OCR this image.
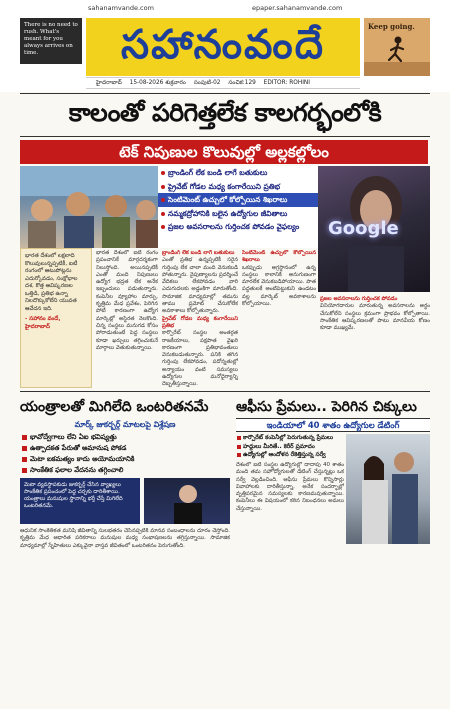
sahanamvande.com	epaper.sahanamvande.com
There is no need to rush. What's meant for you always arrives on time.	సహానంవందే
హైదరాబాద్ 15-08-2026 శుక్రవారం సంపుటి-02 సంచిక:129 EDITOR: ROHINI
Keep going.
కాలంతో పరిగెత్తలేక కాలగర్భంలోకి
టెక్ నిపుణుల కొలువుల్లో అల్లకల్లోలం
బ్రాండింగ్ లేక బండి లాగే బతుకులు
ప్రైవేట్ గోడల మధ్య కంగారేయిని ప్రతిభ
సెంటిమెంట్ ఉచ్చులో కోల్పోయిన శిఖరాలు
నమ్మకద్రోహానికి బలైన ఉద్యోగుల జీవితాలు
ప్రజల అవసరాలను గుర్తించక పోవడం వైఫల్యం	Google
భారత దేశంలో లక్షలాది కొలువులున్నప్పటికీ, ఐటీ రంగంలో ఆటుపోట్లను ఎదుర్కోవడం, సంక్షోభాల దశ, కొత్త ఆవిష్కరణల ఒత్తిడి, ప్రతిభ ఉన్నా నిలదొక్కుకోలేని యువత ఆవేదన ఇది.
- సహానం వందే, హైదరాబాద్
భారత దేశంలో ఐటీ రంగం ప్రపంచానికే మార్గదర్శకంగా నిలుస్తోంది. అయినప్పటికీ ఎంతో మంది నిపుణులు ఉద్యోగ భద్రత లేక అనేక ఇబ్బందులు పడుతున్నారు. కంపెనీల వ్యూహాల మార్పు, కృత్రిమ మేధ ప్రవేశం, పెరిగిన పోటీ కారణంగా ఉద్యోగ మార్కెట్లో అస్థిరత నెలకొంది. చిన్న సంస్థలు మనుగడ కోసం పోరాడుతుంటే పెద్ద సంస్థలు కూడా ఖర్చులు తగ్గించుకునే మార్గాలు వెతుకుతున్నాయి.
బ్రాండింగ్ లేక బండి లాగే బతుకులు
ఎంతో ప్రతిభ ఉన్నప్పటికీ సరైన గుర్తింపు లేక చాలా మంది వెనుకబడి పోతున్నారు. నైపుణ్యాలను ప్రదర్శించే వేదికలు లేకపోవడం వారి ఎదుగుదలకు అడ్డంకిగా మారుతోంది. సామాజిక మాధ్యమాల్లో తమను తాము ప్రమోట్ చేసుకోలేక అవకాశాలు కోల్పోతున్నారు.
ప్రైవేట్ గోడల మధ్య కంగారేయిని ప్రతిభ
కార్పొరేట్ సంస్థల అంతర్గత రాజకీయాలు, పక్షపాత వైఖరి కారణంగా ప్రతిభావంతులు వెనుకబడుతున్నారు. పనికి తగిన గుర్తింపు లేకపోవడం, పదోన్నతుల్లో అన్యాయం వంటి సమస్యలు ఉద్యోగుల మనోధైర్యాన్ని దెబ్బతీస్తున్నాయి.
సెంటిమెంట్ ఉచ్చులో కోల్పోయిన శిఖరాలు
ఒకప్పుడు అగ్రస్థానంలో ఉన్న సంస్థలు కాలానికి అనుగుణంగా మారలేక వెనుకబడిపోయాయి. పాత పద్ధతులకే అంటిపెట్టుకుని ఉండటం వల్ల మార్కెట్ అవకాశాలను కోల్పోయాయి.
ప్రజల అవసరాలను గుర్తించక పోవడం
వినియోగదారుల మారుతున్న అవసరాలను అర్థం చేసుకోలేని సంస్థలు క్రమంగా ప్రాభవం కోల్పోతాయి. సాంకేతిక ఆవిష్కరణలతో పాటు మానవీయ కోణం కూడా ముఖ్యమే.
యంత్రాలతో మిగిలేది ఒంటరితనమే
మార్క్ జుకర్బర్గ్ మాటలపై విశ్లేషణ
భావోద్వేగాలు లేని ఏఐ భవిష్యత్తు
ఉత్పాదకత పేరుతో అమానుష పోకడ
మెటా ఐకమత్యం కాదు అయోమయానికి
సాంకేతిక ఫలాల వేదనను తగ్గించాలి
మెటా వ్యవస్థాపకుడు జుకర్బర్గ్ చేసిన వ్యాఖ్యలు సాంకేతిక ప్రపంచంలో పెద్ద చర్చకు దారితీశాయి. యంత్రాలు మనుషుల స్థానాన్ని భర్తీ చేస్తే మిగిలేది ఒంటరితనమే.
ఆధునిక సాంకేతికత మనిషి జీవితాన్ని సులభతరం చేసినప్పటికీ మానవ సంబంధాలను దూరం చేస్తోంది. కృత్రిమ మేధ ఆధారిత పరికరాలు మనుషుల మధ్య సంభాషణలను తగ్గిస్తున్నాయి. సామాజిక మాధ్యమాల్లో స్నేహితులు ఎక్కువైనా వాస్తవ జీవితంలో ఒంటరితనం పెరుగుతోంది.
ఆఫీసు ప్రేమలు.. పెరిగిన చిక్కులు
ఇండియాలో 40 శాతం ఉద్యోగుల డేటింగ్
కార్పొరేట్ కంపెనీల్లో పెరుగుతున్న ప్రేమలు
హద్దులు మీరితే.. కెరీర్ ప్రమాదం
ఉద్యోగుల్లో ఆందోళన రేకెత్తిస్తున్న సర్వే
దేశంలో ఐటీ సంస్థల ఉద్యోగుల్లో దాదాపు 40 శాతం మంది తమ సహోద్యోగులతో డేటింగ్ చేస్తున్నట్లు ఒక సర్వే వెల్లడించింది. ఆఫీసు ప్రేమలు కొన్నిసార్లు వివాహాలకు దారితీస్తున్నా, అనేక సందర్భాల్లో వృత్తిపరమైన సమస్యలకు కారణమవుతున్నాయి. కంపెనీలు ఈ విషయంలో కఠిన నిబంధనలు అమలు చేస్తున్నాయి.
